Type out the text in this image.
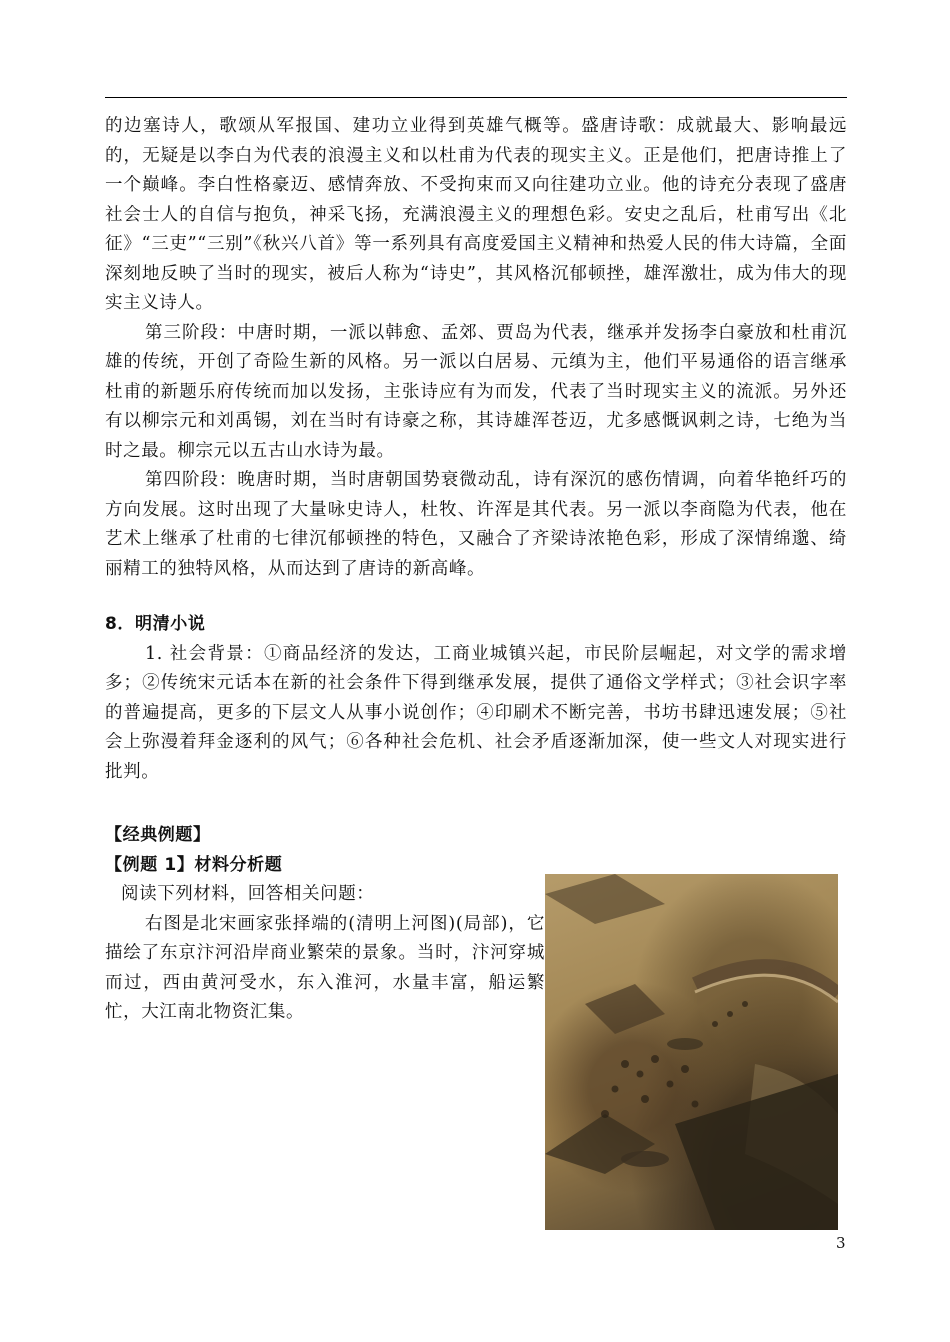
的边塞诗人，歌颂从军报国、建功立业得到英雄气概等。盛唐诗歌：成就最大、影响最远的，无疑是以李白为代表的浪漫主义和以杜甫为代表的现实主义。正是他们，把唐诗推上了一个巅峰。李白性格豪迈、感情奔放、不受拘束而又向往建功立业。他的诗充分表现了盛唐社会士人的自信与抱负，神采飞扬，充满浪漫主义的理想色彩。安史之乱后，杜甫写出《北征》“三吏”“三别”《秋兴八首》等一系列具有高度爱国主义精神和热爱人民的伟大诗篇，全面深刻地反映了当时的现实，被后人称为“诗史”，其风格沉郁顿挫，雄浑激壮，成为伟大的现实主义诗人。

第三阶段：中唐时期，一派以韩愈、孟郊、贾岛为代表，继承并发扬李白豪放和杜甫沉雄的传统，开创了奇险生新的风格。另一派以白居易、元缜为主，他们平易通俗的语言继承杜甫的新题乐府传统而加以发扬，主张诗应有为而发，代表了当时现实主义的流派。另外还有以柳宗元和刘禹锡，刘在当时有诗豪之称，其诗雄浑苍迈，尤多感慨讽刺之诗，七绝为当时之最。柳宗元以五古山水诗为最。

第四阶段：晚唐时期，当时唐朝国势衰微动乱，诗有深沉的感伤情调，向着华艳纤巧的方向发展。这时出现了大量咏史诗人，杜牧、许浑是其代表。另一派以李商隐为代表，他在艺术上继承了杜甫的七律沉郁顿挫的特色，又融合了齐梁诗浓艳色彩，形成了深情绵邈、绮丽精工的独特风格，从而达到了唐诗的新高峰。

8．明清小说

1. 社会背景：①商品经济的发达，工商业城镇兴起，市民阶层崛起，对文学的需求增多；②传统宋元话本在新的社会条件下得到继承发展，提供了通俗文学样式；③社会识字率的普遍提高，更多的下层文人从事小说创作；④印刷术不断完善，书坊书肆迅速发展；⑤社会上弥漫着拜金逐利的风气；⑥各种社会危机、社会矛盾逐渐加深，使一些文人对现实进行批判。

【经典例题】

【例题 1】材料分析题

阅读下列材料，回答相关问题：

右图是北宋画家张择端的(清明上河图)(局部)，它描绘了东京汴河沿岸商业繁荣的景象。当时，汴河穿城而过，西由黄河受水，东入淮河，水量丰富，船运繁忙，大江南北物资汇集。

3
